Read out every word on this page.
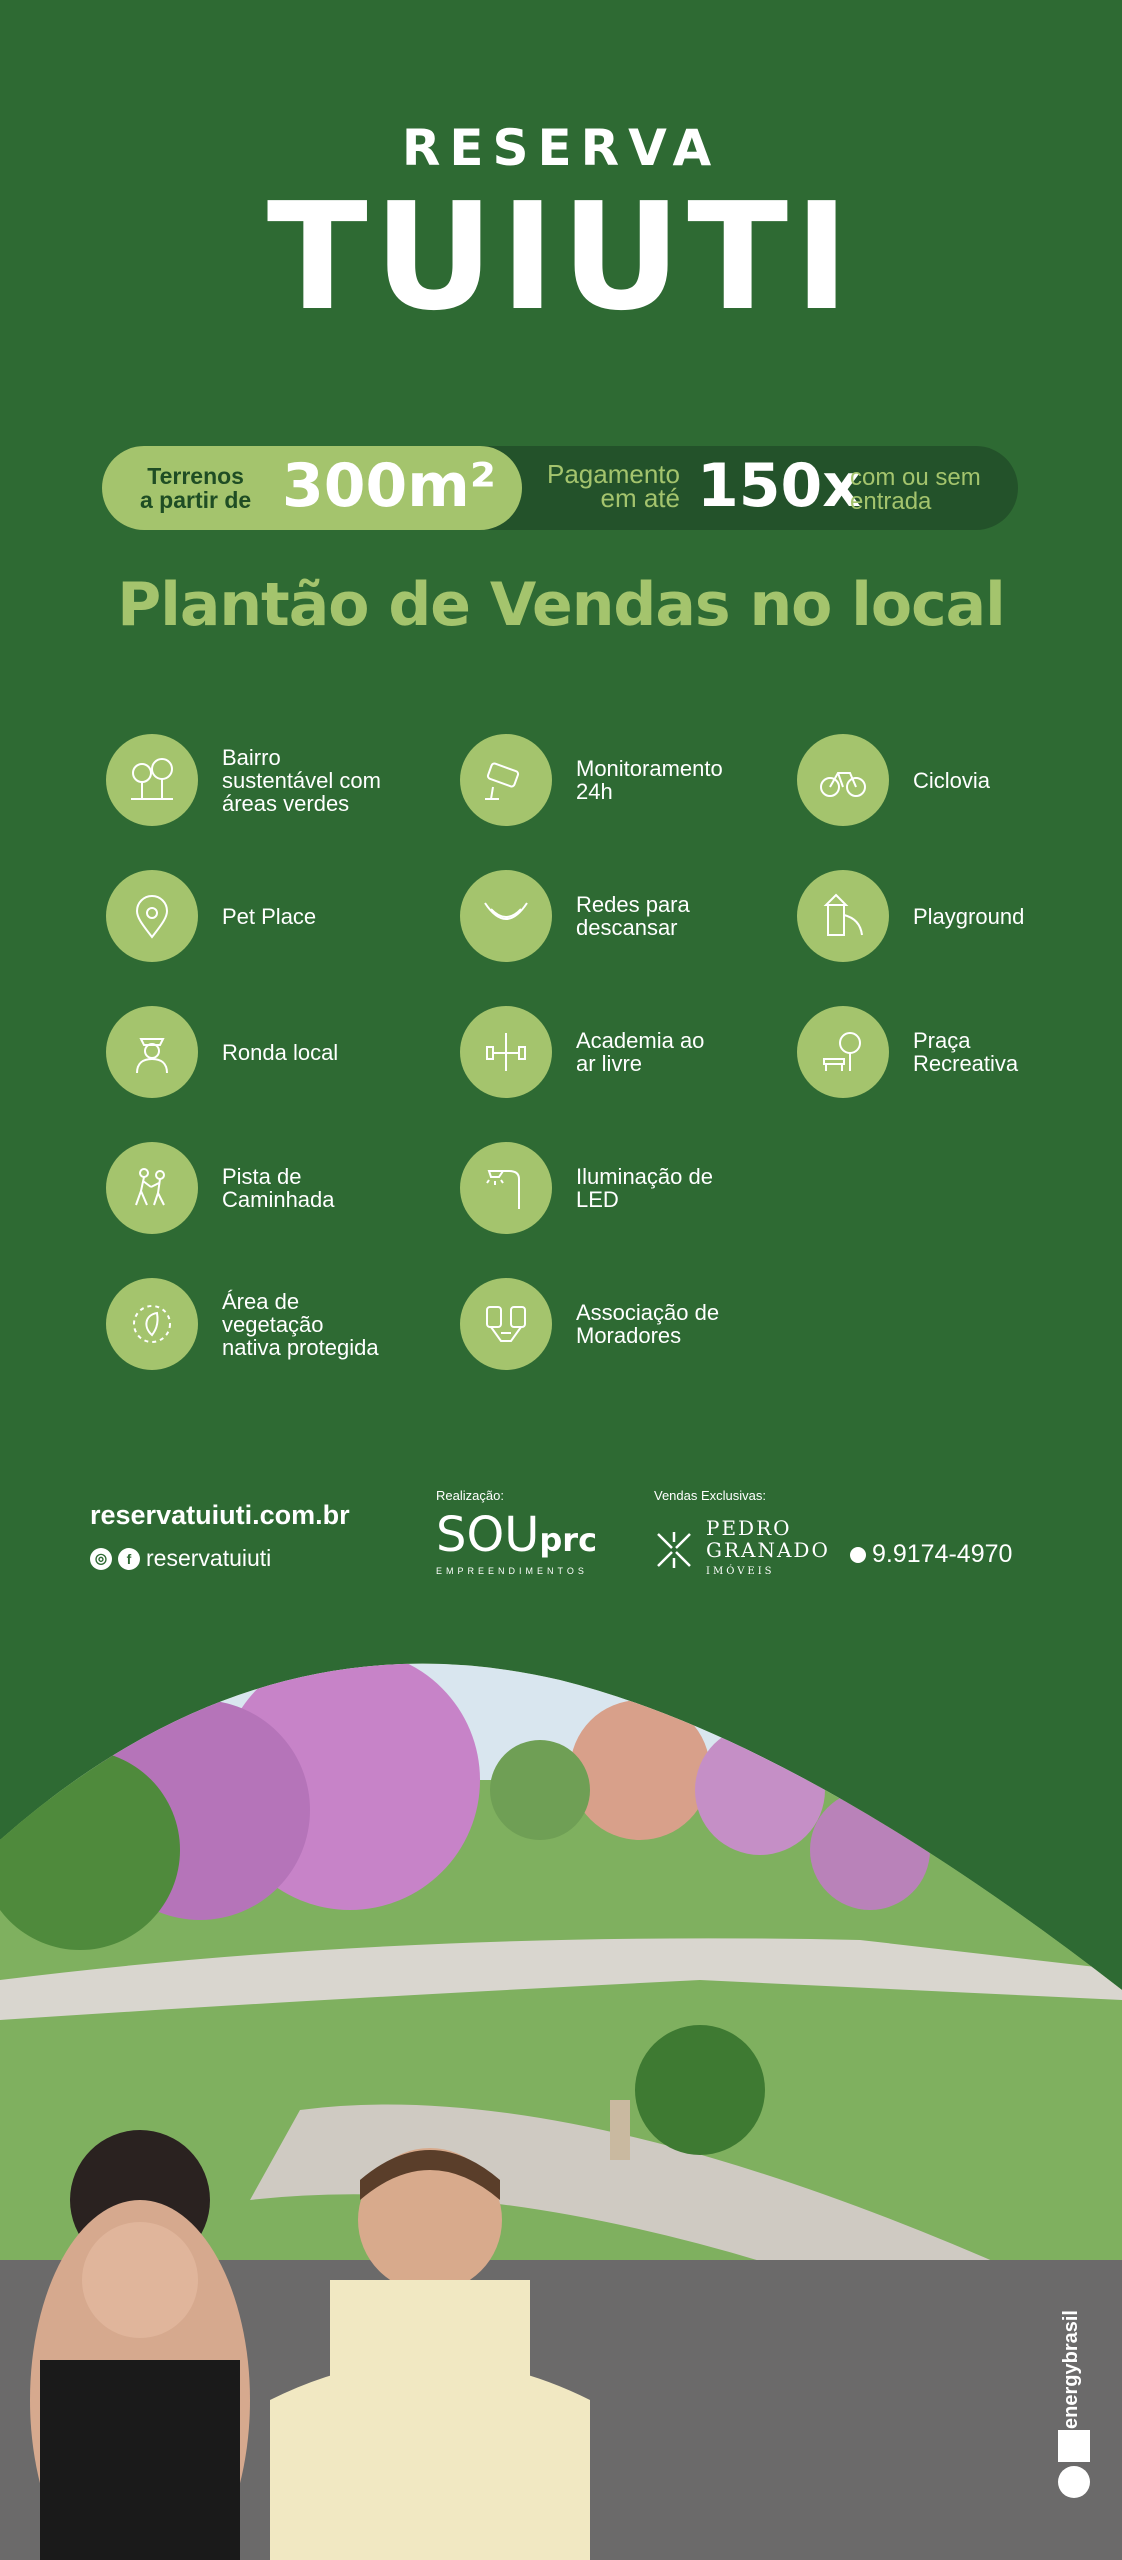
RESERVA
TUIUTI
Terrenos
a partir de 300m² Pagamento
em até 150x
com ou sem
entrada
Plantão de Vendas no local
Bairro
sustentável com
áreas verdes
Monitoramento
24h	Ciclovia
Pet Place	Redes para
descansar	Playground
Ronda local	Academia ao
ar livre
Praça
Recreativa
Pista de
Caminhada
Iluminação de
LED
Área de
vegetação
nativa protegida
Associação de
Moradores
reservatuiuti.com.br
◎	f reservatuiuti
Realização:
SOUprc
EMPREENDIMENTOS
Vendas Exclusivas:
PEDRO
GRANADO
IMÓVEIS
9.9174-4970
energybrasil
